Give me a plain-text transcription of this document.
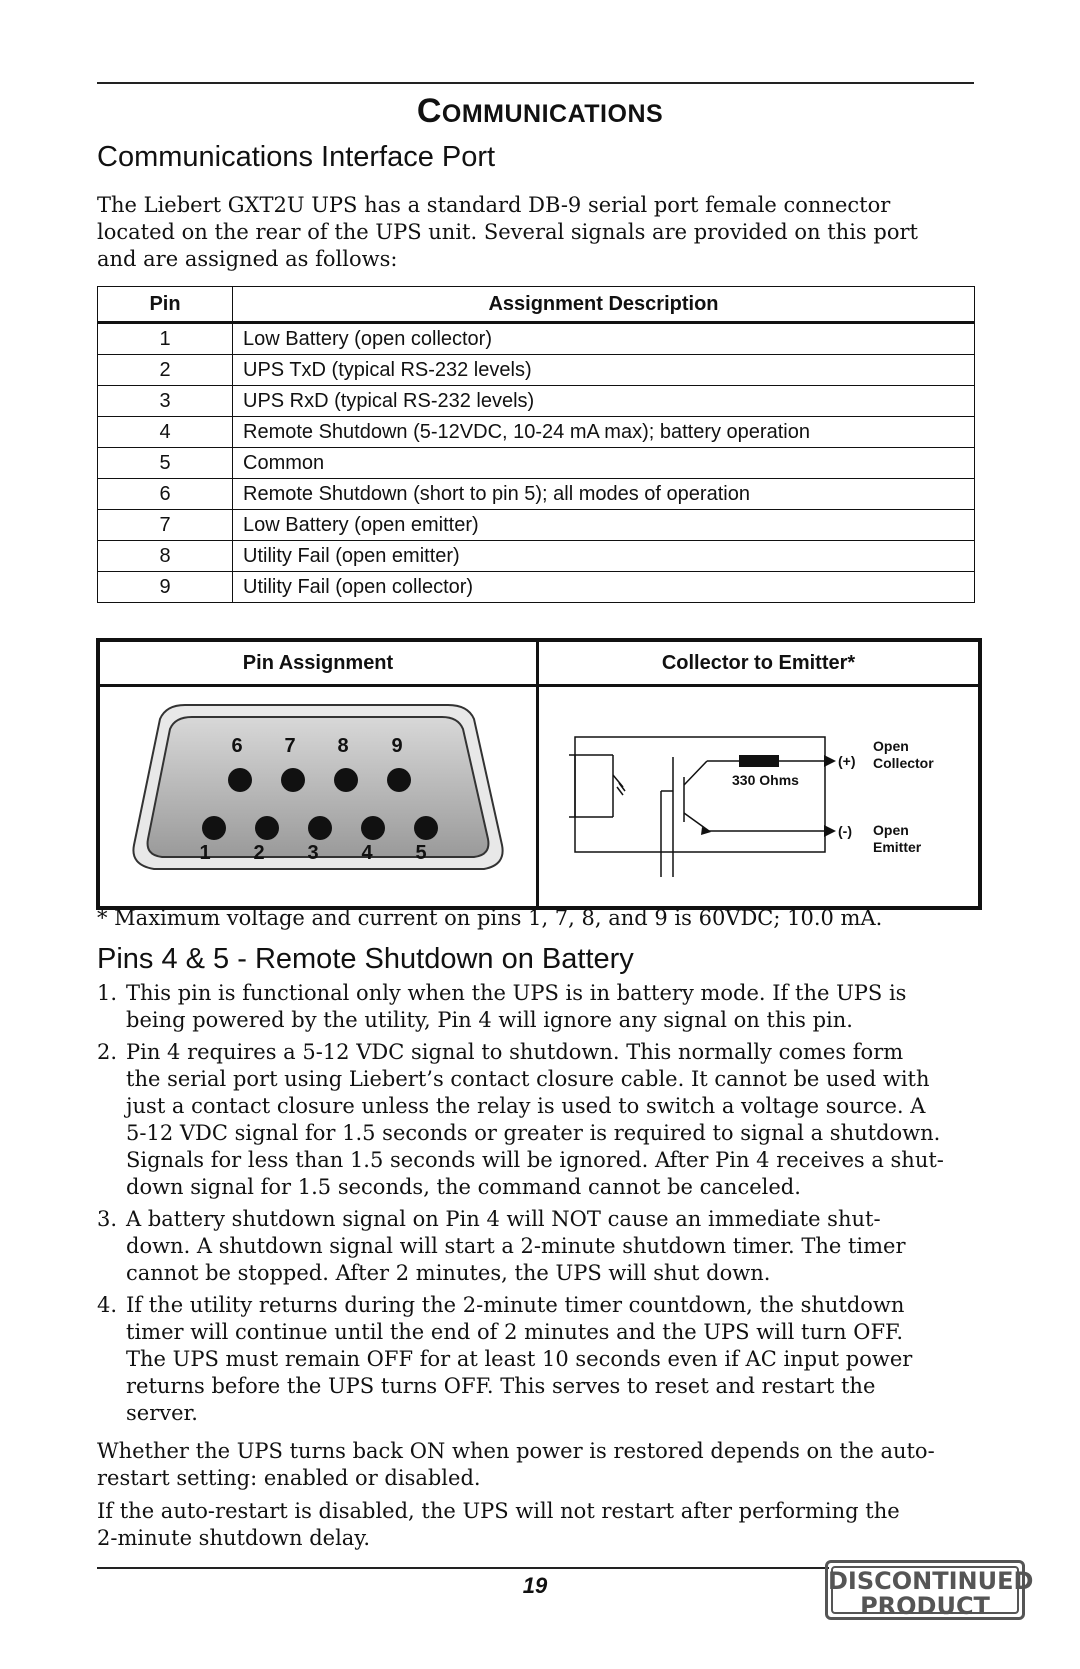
COMMUNICATIONS
Communications Interface Port
The Liebert GXT2U UPS has a standard DB-9 serial port female connector
located on the rear of the UPS unit. Several signals are provided on this port
and are assigned as follows:
Pin	Assignment Description
1	Low Battery (open collector)
2	UPS TxD (typical RS-232 levels)
3	UPS RxD (typical RS-232 levels)
4	Remote Shutdown (5-12VDC, 10-24 mA max); battery operation
5	Common
6	Remote Shutdown (short to pin 5); all modes of operation
7	Low Battery (open emitter)
8	Utility Fail (open emitter)
9	Utility Fail (open collector)
Pin Assignment	Collector to Emitter*
6 7 8 9
1 2 3 4 5
330 Ohms
(+)
(-)
Open
Collector
Open
Emitter
* Maximum voltage and current on pins 1, 7, 8, and 9 is 60VDC; 10.0 mA.
Pins 4 & 5 - Remote Shutdown on Battery
1. This pin is functional only when the UPS is in battery mode. If the UPS is
being powered by the utility, Pin 4 will ignore any signal on this pin.
2. Pin 4 requires a 5-12 VDC signal to shutdown. This normally comes form
the serial port using Liebert’s contact closure cable. It cannot be used with
just a contact closure unless the relay is used to switch a voltage source. A
5-12 VDC signal for 1.5 seconds or greater is required to signal a shutdown.
Signals for less than 1.5 seconds will be ignored. After Pin 4 receives a shut-
down signal for 1.5 seconds, the command cannot be canceled.
3. A battery shutdown signal on Pin 4 will NOT cause an immediate shut-
down. A shutdown signal will start a 2-minute shutdown timer. The timer
cannot be stopped. After 2 minutes, the UPS will shut down.
4. If the utility returns during the 2-minute timer countdown, the shutdown
timer will continue until the end of 2 minutes and the UPS will turn OFF.
The UPS must remain OFF for at least 10 seconds even if AC input power
returns before the UPS turns OFF. This serves to reset and restart the
server.
Whether the UPS turns back ON when power is restored depends on the auto-
restart setting: enabled or disabled.
If the auto-restart is disabled, the UPS will not restart after performing the
2-minute shutdown delay.
19	DISCONTINUED
PRODUCT
